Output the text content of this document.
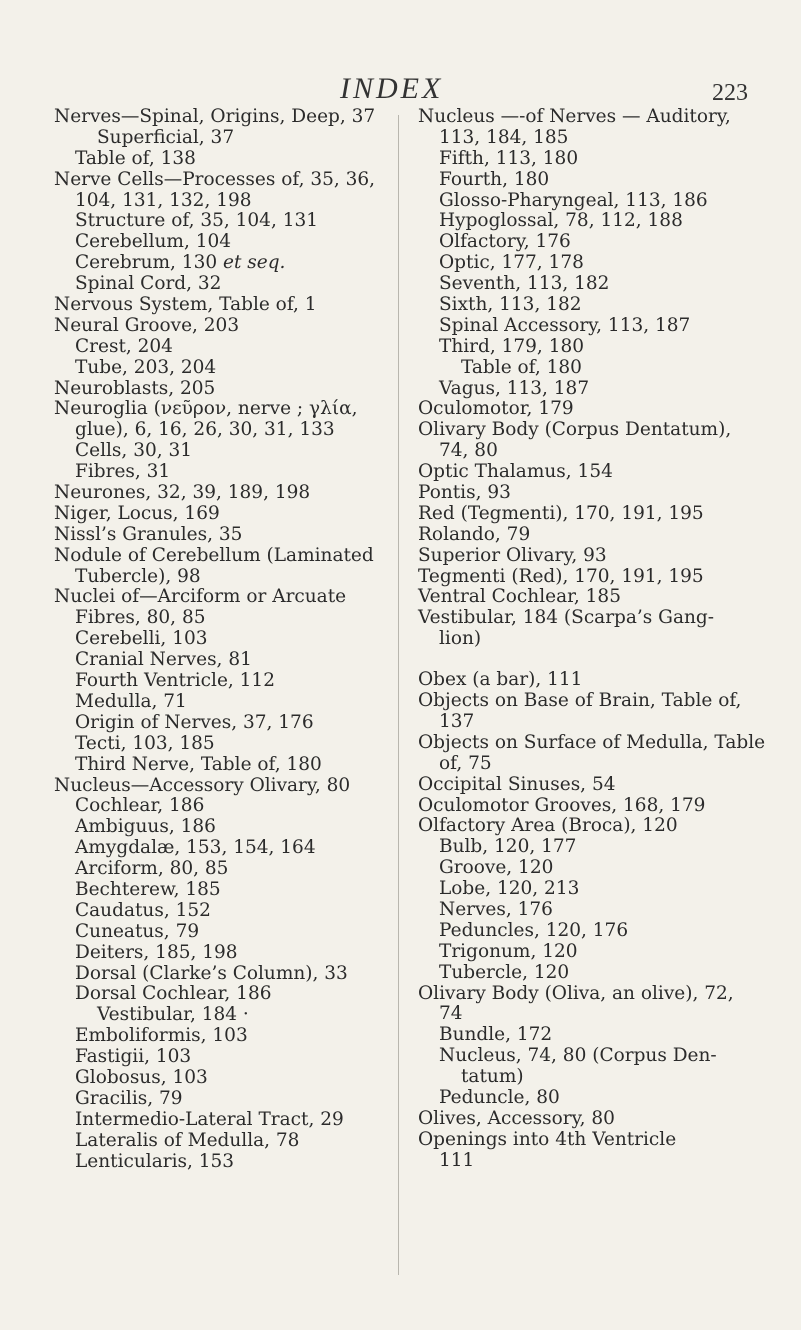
INDEX	223
Nerves—Spinal, Origins, Deep, 37
Superficial, 37
Table of, 138
Nerve Cells—Processes of, 35, 36,
104, 131, 132, 198
Structure of, 35, 104, 131
Cerebellum, 104
Cerebrum, 130 et seq.
Spinal Cord, 32
Nervous System, Table of, 1
Neural Groove, 203
Crest, 204
Tube, 203, 204
Neuroblasts, 205
Neuroglia (νεῦρον, nerve ; γλία,
glue), 6, 16, 26, 30, 31, 133
Cells, 30, 31
Fibres, 31
Neurones, 32, 39, 189, 198
Niger, Locus, 169
Nissl’s Granules, 35
Nodule of Cerebellum (Laminated
Tubercle), 98
Nuclei of—Arciform or Arcuate
Fibres, 80, 85
Cerebelli, 103
Cranial Nerves, 81
Fourth Ventricle, 112
Medulla, 71
Origin of Nerves, 37, 176
Tecti, 103, 185
Third Nerve, Table of, 180
Nucleus—Accessory Olivary, 80
Cochlear, 186
Ambiguus, 186
Amygdalæ, 153, 154, 164
Arciform, 80, 85
Bechterew, 185
Caudatus, 152
Cuneatus, 79
Deiters, 185, 198
Dorsal (Clarke’s Column), 33
Dorsal Cochlear, 186
Vestibular, 184 ·
Emboliformis, 103
Fastigii, 103
Globosus, 103
Gracilis, 79
Intermedio-Lateral Tract, 29
Lateralis of Medulla, 78
Lenticularis, 153
Nucleus —-of Nerves — Auditory,
113, 184, 185
Fifth, 113, 180
Fourth, 180
Glosso-Pharyngeal, 113, 186
Hypoglossal, 78, 112, 188
Olfactory, 176
Optic, 177, 178
Seventh, 113, 182
Sixth, 113, 182
Spinal Accessory, 113, 187
Third, 179, 180
Table of, 180
Vagus, 113, 187
Oculomotor, 179
Olivary Body (Corpus Dentatum),
74, 80
Optic Thalamus, 154
Pontis, 93
Red (Tegmenti), 170, 191, 195
Rolando, 79
Superior Olivary, 93
Tegmenti (Red), 170, 191, 195
Ventral Cochlear, 185
Vestibular, 184 (Scarpa’s Gang-
lion)
Obex (a bar), 111
Objects on Base of Brain, Table of,
137
Objects on Surface of Medulla, Table
of, 75
Occipital Sinuses, 54
Oculomotor Grooves, 168, 179
Olfactory Area (Broca), 120
Bulb, 120, 177
Groove, 120
Lobe, 120, 213
Nerves, 176
Peduncles, 120, 176
Trigonum, 120
Tubercle, 120
Olivary Body (Oliva, an olive), 72,
74
Bundle, 172
Nucleus, 74, 80 (Corpus Den-
tatum)
Peduncle, 80
Olives, Accessory, 80
Openings into 4th Ventricle
111
